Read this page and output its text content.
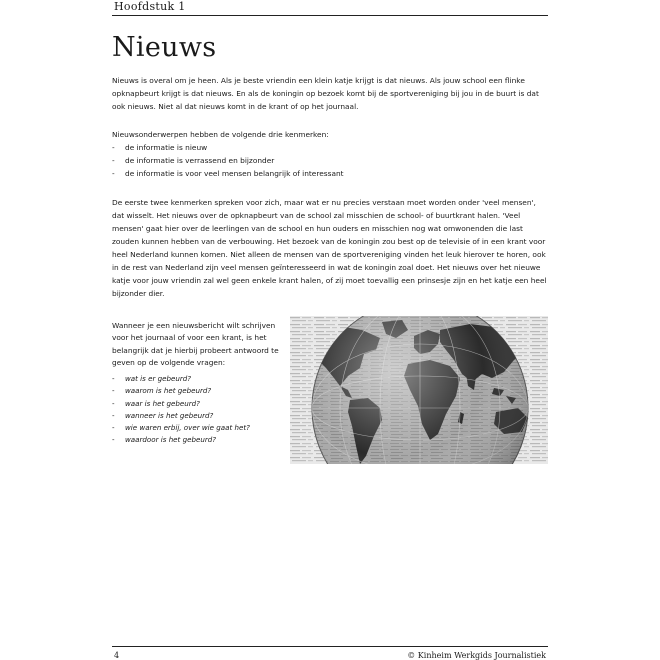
Hoofdstuk 1
Nieuws

Nieuws is overal om je heen. Als je beste vriendin een klein katje krijgt is dat nieuws. Als jouw school een flinke opknapbeurt krijgt is dat nieuws. En als de koningin op bezoek komt bij de sportvereniging bij jou in de buurt is dat ook nieuws. Niet al dat nieuws komt in de krant of op het journaal.

Nieuwsonderwerpen hebben de volgende drie kenmerken:

- de informatie is nieuw
- de informatie is verrassend en bijzonder
- de informatie is voor veel mensen belangrijk of interessant

De eerste twee kenmerken spreken voor zich, maar wat er nu precies verstaan moet worden onder 'veel mensen', dat wisselt. Het nieuws over de opknapbeurt van de school zal misschien de school- of buurtkrant halen. 'Veel mensen' gaat hier over de leerlingen van de school en hun ouders en misschien nog wat omwonenden die last zouden kunnen hebben van de verbouwing. Het bezoek van de koningin zou best op de televisie of in een krant voor heel Nederland kunnen komen. Niet alleen de mensen van de sportvereniging vinden het leuk hierover te horen, ook in de rest van Nederland zijn veel mensen geïnteresseerd in wat de koningin zoal doet. Het nieuws over het nieuwe katje voor jouw vriendin zal wel geen enkele krant halen, of zij moet toevallig een prinsesje zijn en het katje een heel bijzonder dier.

Wanneer je een nieuwsbericht wilt schrijven voor het journaal of voor een krant, is het belangrijk dat je hierbij probeert antwoord te geven op de volgende vragen:

- wat is er gebeurd?
- waarom is het gebeurd?
- waar is het gebeurd?
- wanneer is het gebeurd?
- wie waren erbij, over wie gaat het?
- waardoor is het gebeurd?
4	© Kinheim Werkgids Journalistiek
